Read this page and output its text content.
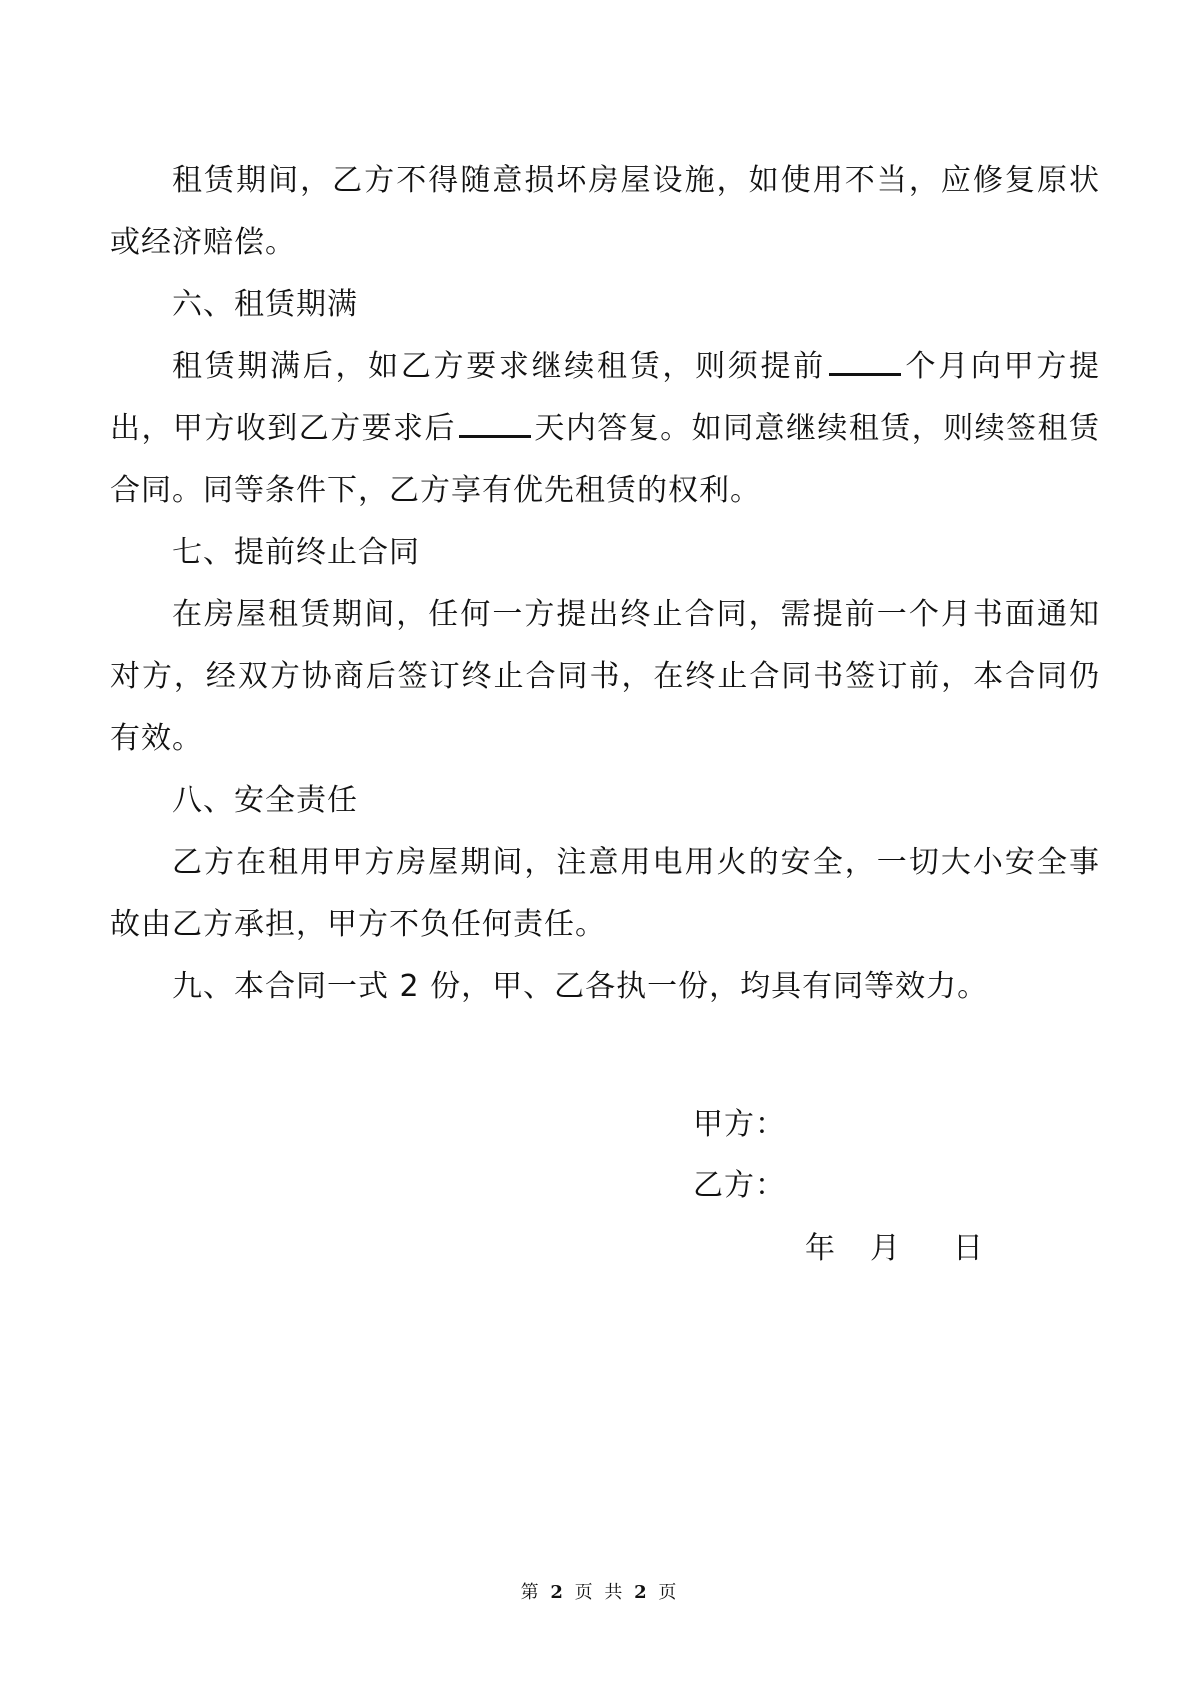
租赁期间，乙方不得随意损坏房屋设施，如使用不当，应修复原状或经济赔偿。

六、租赁期满

租赁期满后，如乙方要求继续租赁，则须提前	个月向甲方提出，甲方收到乙方要求后	天内答复。如同意继续租赁，则续签租赁合同。同等条件下，乙方享有优先租赁的权利。

七、提前终止合同

在房屋租赁期间，任何一方提出终止合同，需提前一个月书面通知对方，经双方协商后签订终止合同书，在终止合同书签订前，本合同仍有效。

八、安全责任

乙方在租用甲方房屋期间，注意用电用火的安全，一切大小安全事故由乙方承担，甲方不负任何责任。

九、本合同一式 2 份，甲、乙各执一份，均具有同等效力。

甲方：
乙方：
年 月 日
第 2 页 共 2 页
